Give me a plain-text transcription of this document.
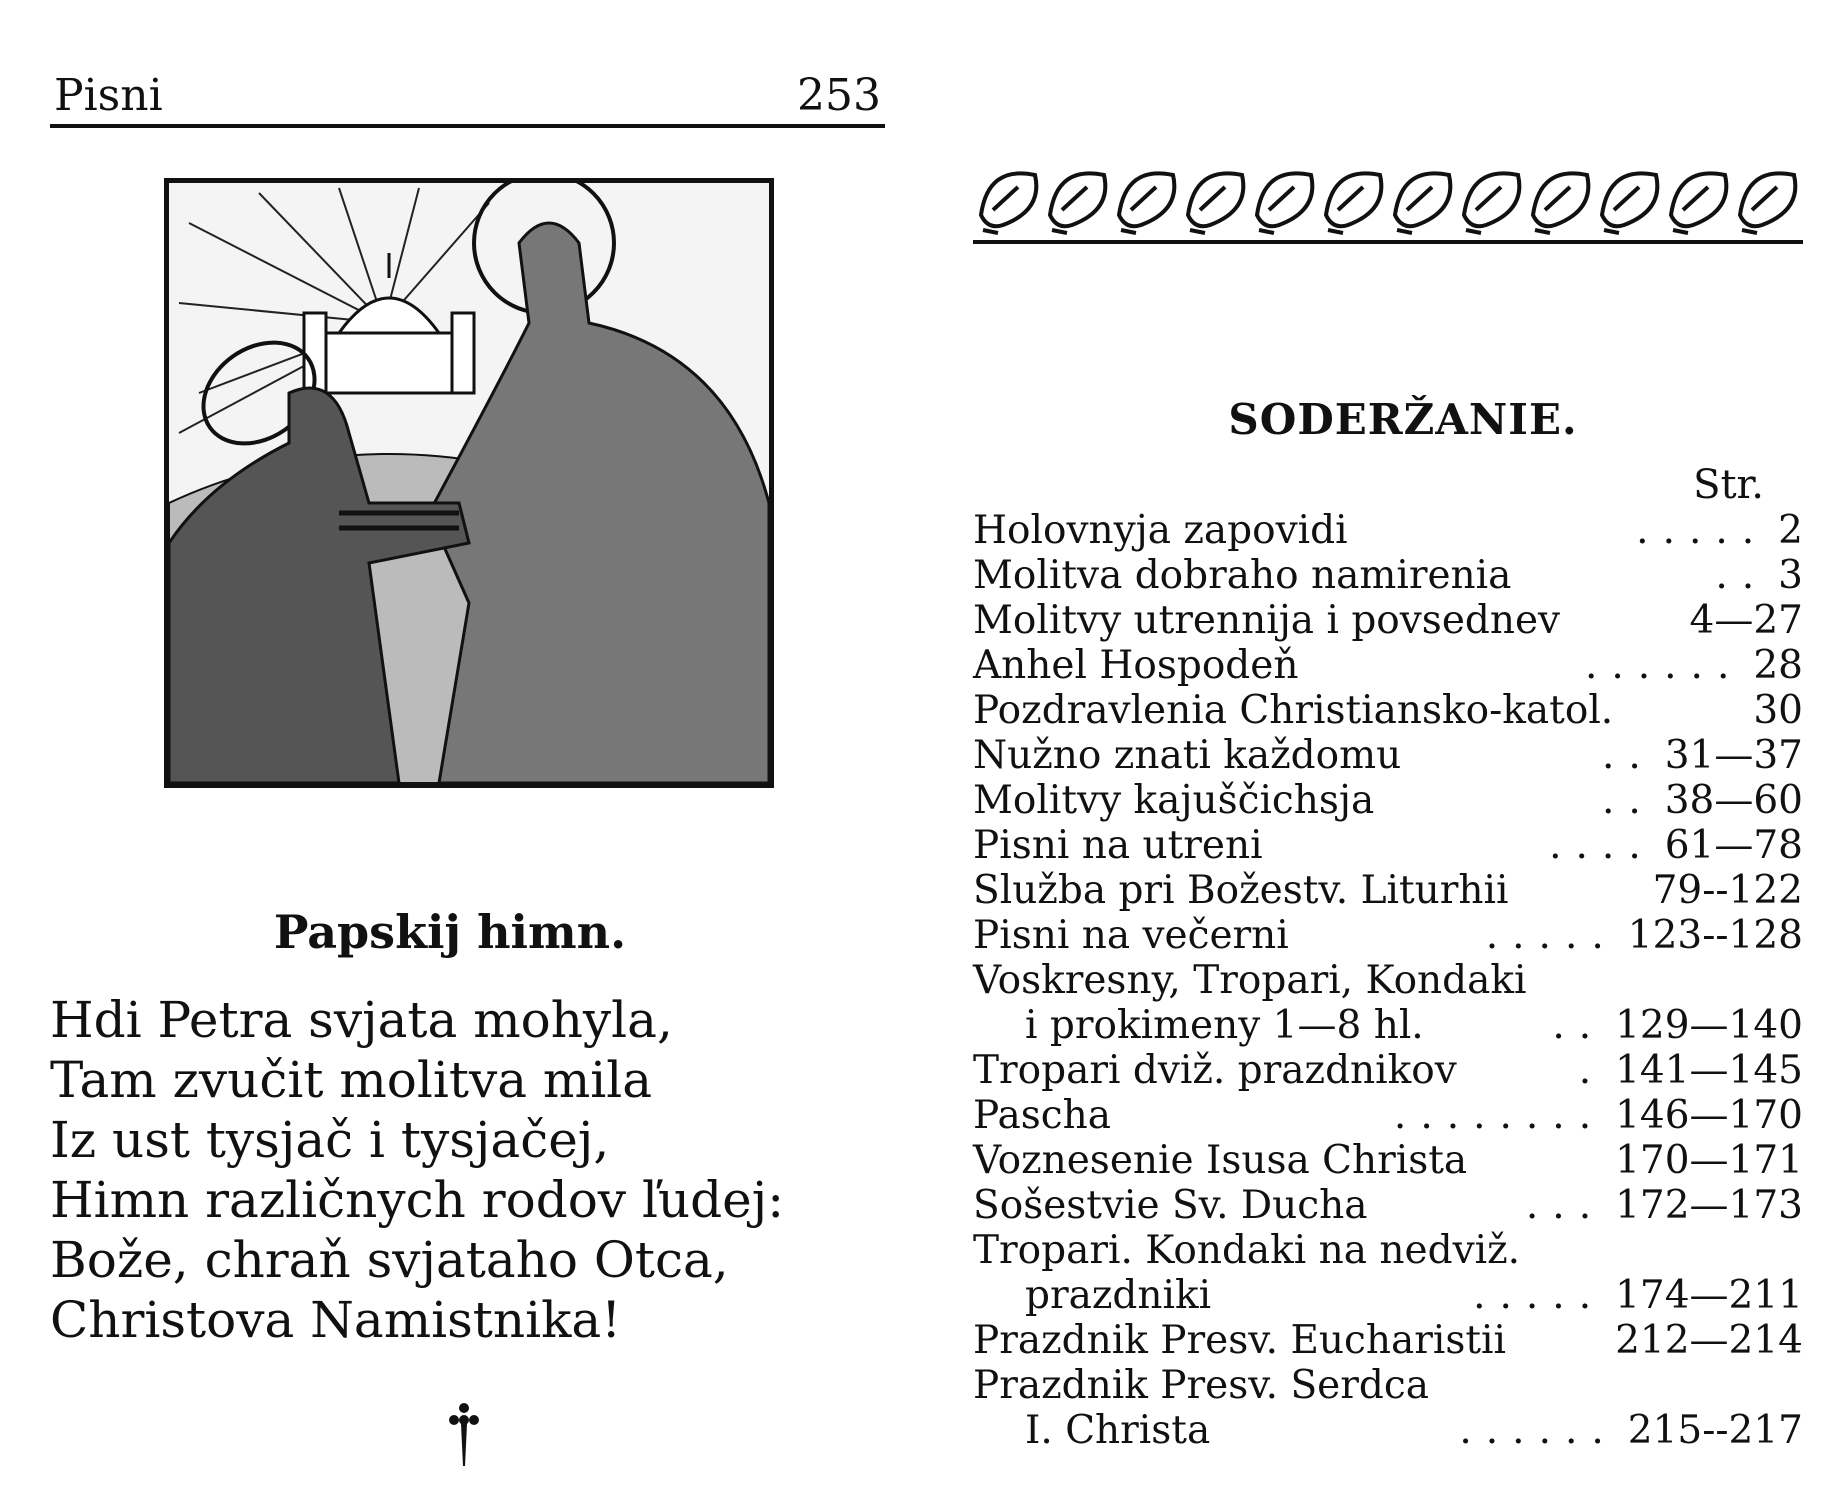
Pisni	253
Papskij himn.
Hdi Petra svjata mohyla,
Tam zvučit molitva mila
Iz ust tysjač i tysjačej,
Himn različnych rodov ľudej:
Bože, chraň svjataho Otca,
Christova Namistnika!
SODERŽANIE.
Str.
Holovnyja zapovidi	..... 2
Molitva dobraho namirenia	.. 3
Molitvy utrennija i povsednev	4—27
Anhel Hospodeň	...... 28
Pozdravlenia Christiansko-katol.	30
Nužno znati každomu	.. 31—37
Molitvy kajuščichsja	.. 38—60
Pisni na utreni	.... 61—78
Služba pri Božestv. Liturhii	79--122
Pisni na večerni	..... 123--128
Voskresny, Tropari, Kondaki
i prokimeny 1—8 hl.	.. 129—140
Tropari dviž. prazdnikov	. 141—145
Pascha	........ 146—170
Voznesenie Isusa Christa	170—171
Sošestvie Sv. Ducha	... 172—173
Tropari. Kondaki na nedviž.
prazdniki	..... 174—211
Prazdnik Presv. Eucharistii	212—214
Prazdnik Presv. Serdca
I. Christa	...... 215--217
